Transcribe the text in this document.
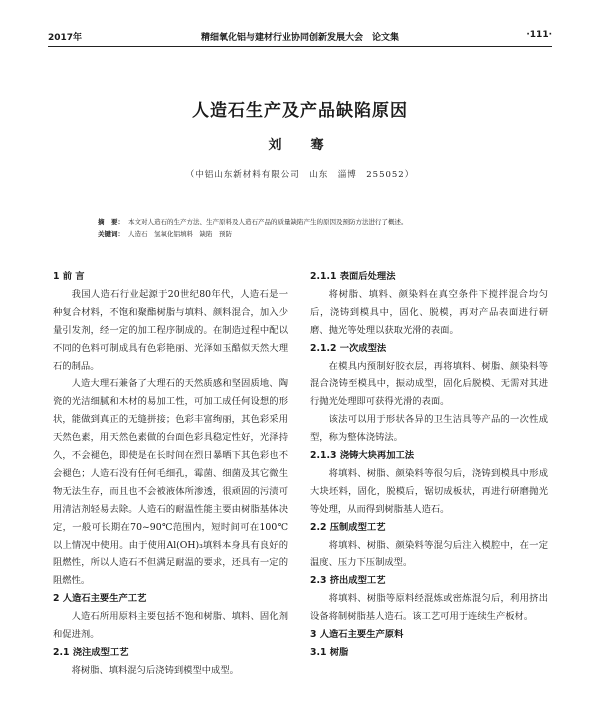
2017年	精细氧化铝与建材行业协同创新发展大会　论文集	·111·
人造石生产及产品缺陷原因
刘　骞
（中铝山东新材料有限公司　山东　淄博　255052）
摘　要： 本文对人造石的生产方法、生产原料及人造石产品的质量缺陷产生的原因及预防方法进行了概述。
关键词： 人造石　氢氧化铝填料　缺陷　预防
1 前 言
我国人造石行业起源于20世纪80年代，人造石是一种复合材料，不饱和聚酯树脂与填料、颜料混合，加入少量引发剂，经一定的加工程序制成的。在制造过程中配以不同的色料可制成具有色彩艳丽、光泽如玉酷似天然大理石的制品。
人造大理石兼备了大理石的天然质感和坚固质地、陶瓷的光洁细腻和木材的易加工性，可加工成任何设想的形状，能做到真正的无缝拼接；色彩丰富绚丽，其色彩采用天然色素，用天然色素做的台面色彩具稳定性好，光泽持久，不会褪色，即使是在长时间在烈日暴晒下其色彩也不会褪色；人造石没有任何毛细孔，霉菌、细菌及其它微生物无法生存，而且也不会被液体所渗透，很顽固的污渍可用清洁剂轻易去除。人造石的耐温性能主要由树脂基体决定，一般可长期在70~90℃范围内，短时间可在100℃以上情况中使用。由于使用Al(OH)₃填料本身具有良好的阻燃性，所以人造石不但满足耐温的要求，还具有一定的阻燃性。
2 人造石主要生产工艺
人造石所用原料主要包括不饱和树脂、填料、固化剂和促进剂。
2.1 浇注成型工艺
将树脂、填料混匀后浇铸到模型中成型。
2.1.1 表面后处理法
将树脂、填料、颜染料在真空条件下搅拌混合均匀后，浇铸到模具中，固化、脱模，再对产品表面进行研磨、抛光等处理以获取光滑的表面。
2.1.2 一次成型法
在模具内预制好胶衣层，再将填料、树脂、颜染料等混合浇铸至模具中，振动成型，固化后脱模、无需对其进行抛光处理即可获得光滑的表面。
该法可以用于形状各异的卫生洁具等产品的一次性成型，称为整体浇铸法。
2.1.3 浇铸大块再加工法
将填料、树脂、颜染料等很匀后，浇铸到模具中形成大块坯料，固化，脱模后，锯切成板状，再进行研磨抛光等处理，从而得到树脂基人造石。
2.2 压制成型工艺
将填料、树脂、颜染料等混匀后注入模腔中，在一定温度、压力下压制成型。
2.3 挤出成型工艺
将填料、树脂等原料经混炼或密炼混匀后，利用挤出设备将制树脂基人造石。该工艺可用于连续生产板材。
3 人造石主要生产原料
3.1 树脂
